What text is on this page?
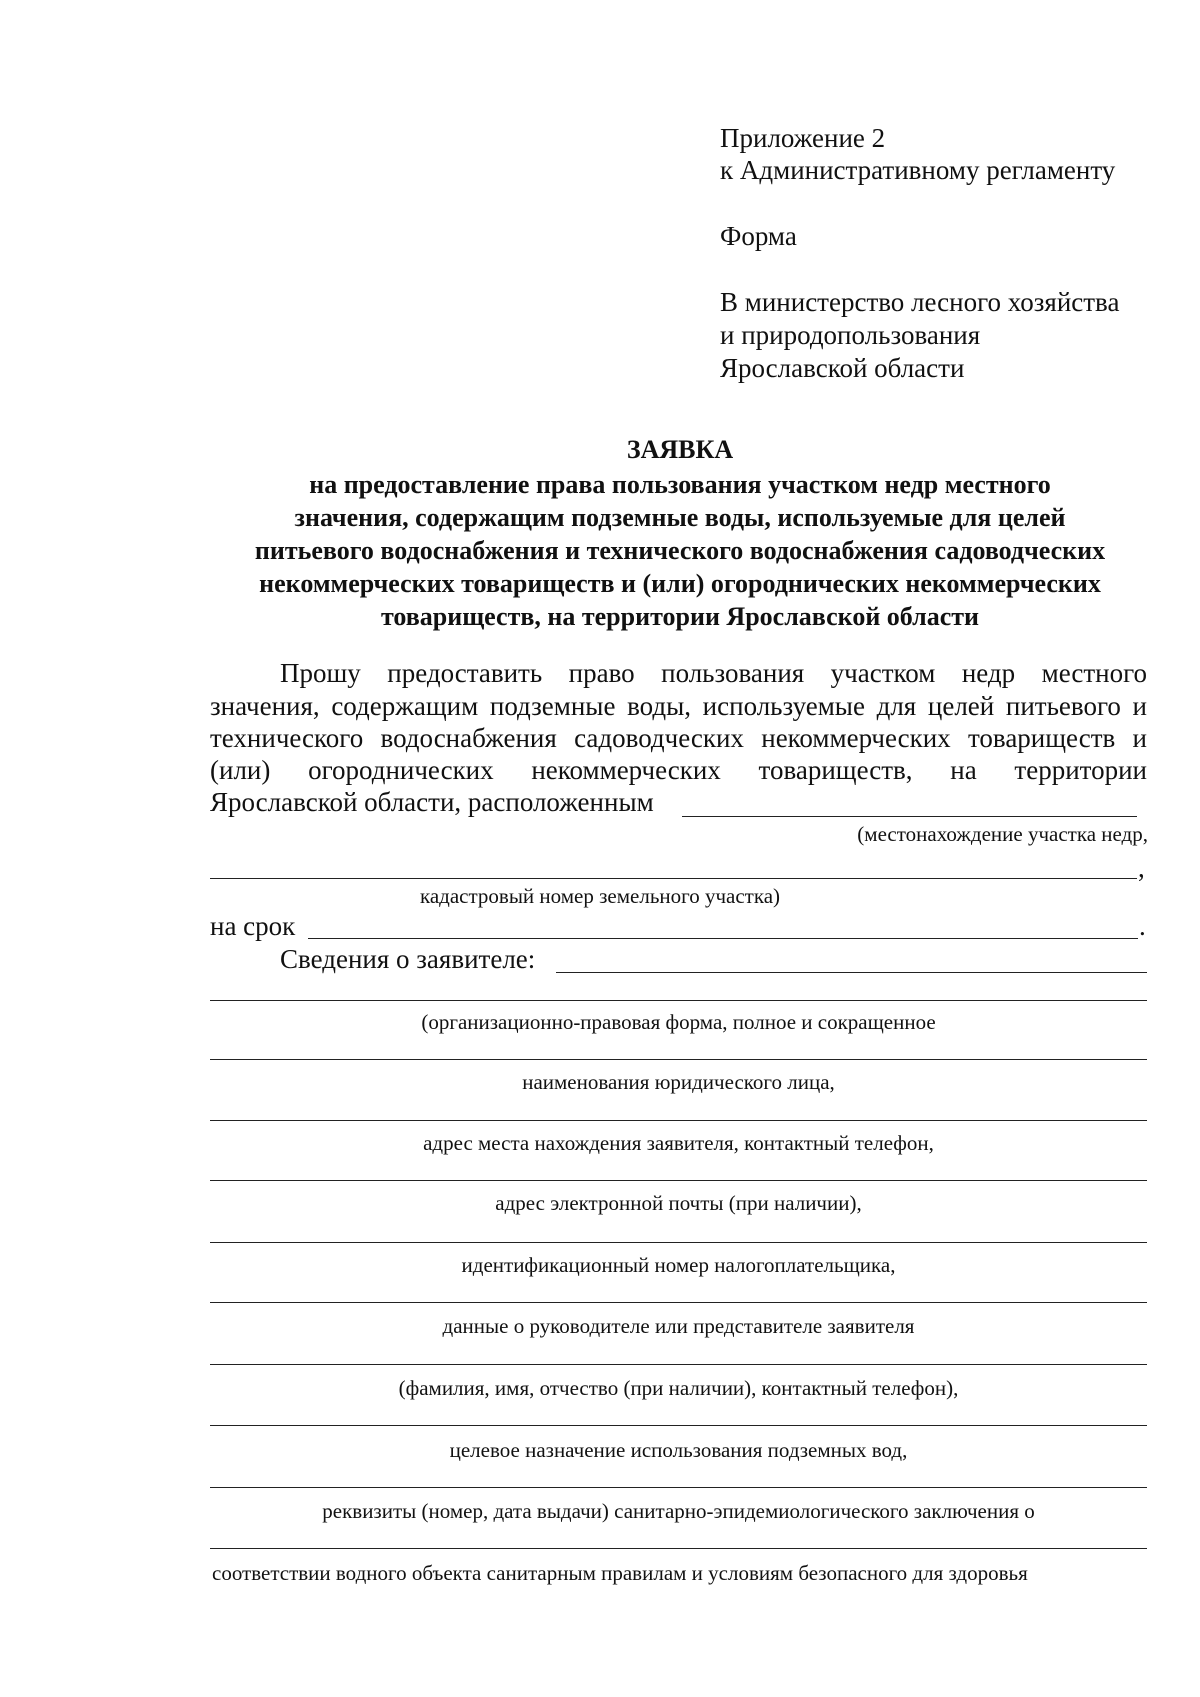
Приложение 2
к Административному регламенту
Форма
В министерство лесного хозяйства
и природопользования
Ярославской области
ЗАЯВКА
на предоставление права пользования участком недр местного
значения, содержащим подземные воды, используемые для целей
питьевого водоснабжения и технического водоснабжения садоводческих
некоммерческих товариществ и (или) огороднических некоммерческих
товариществ, на территории Ярославской области
Прошу предоставить право пользования участком недр местного
значения, содержащим подземные воды, используемые для целей питьевого и
технического водоснабжения садоводческих некоммерческих товариществ и
(или) огороднических некоммерческих товариществ, на территории
Ярославской области, расположенным
(местонахождение участка недр,
,
кадастровый номер земельного участка)
на срок	.
Сведения о заявителе:
(организационно-правовая форма, полное и сокращенное
наименования юридического лица,
адрес места нахождения заявителя, контактный телефон,
адрес электронной почты (при наличии),
идентификационный номер налогоплательщика,
данные о руководителе или представителе заявителя
(фамилия, имя, отчество (при наличии), контактный телефон),
целевое назначение использования подземных вод,
реквизиты (номер, дата выдачи) санитарно-эпидемиологического заключения о
соответствии водного объекта санитарным правилам и условиям безопасного для здоровья
